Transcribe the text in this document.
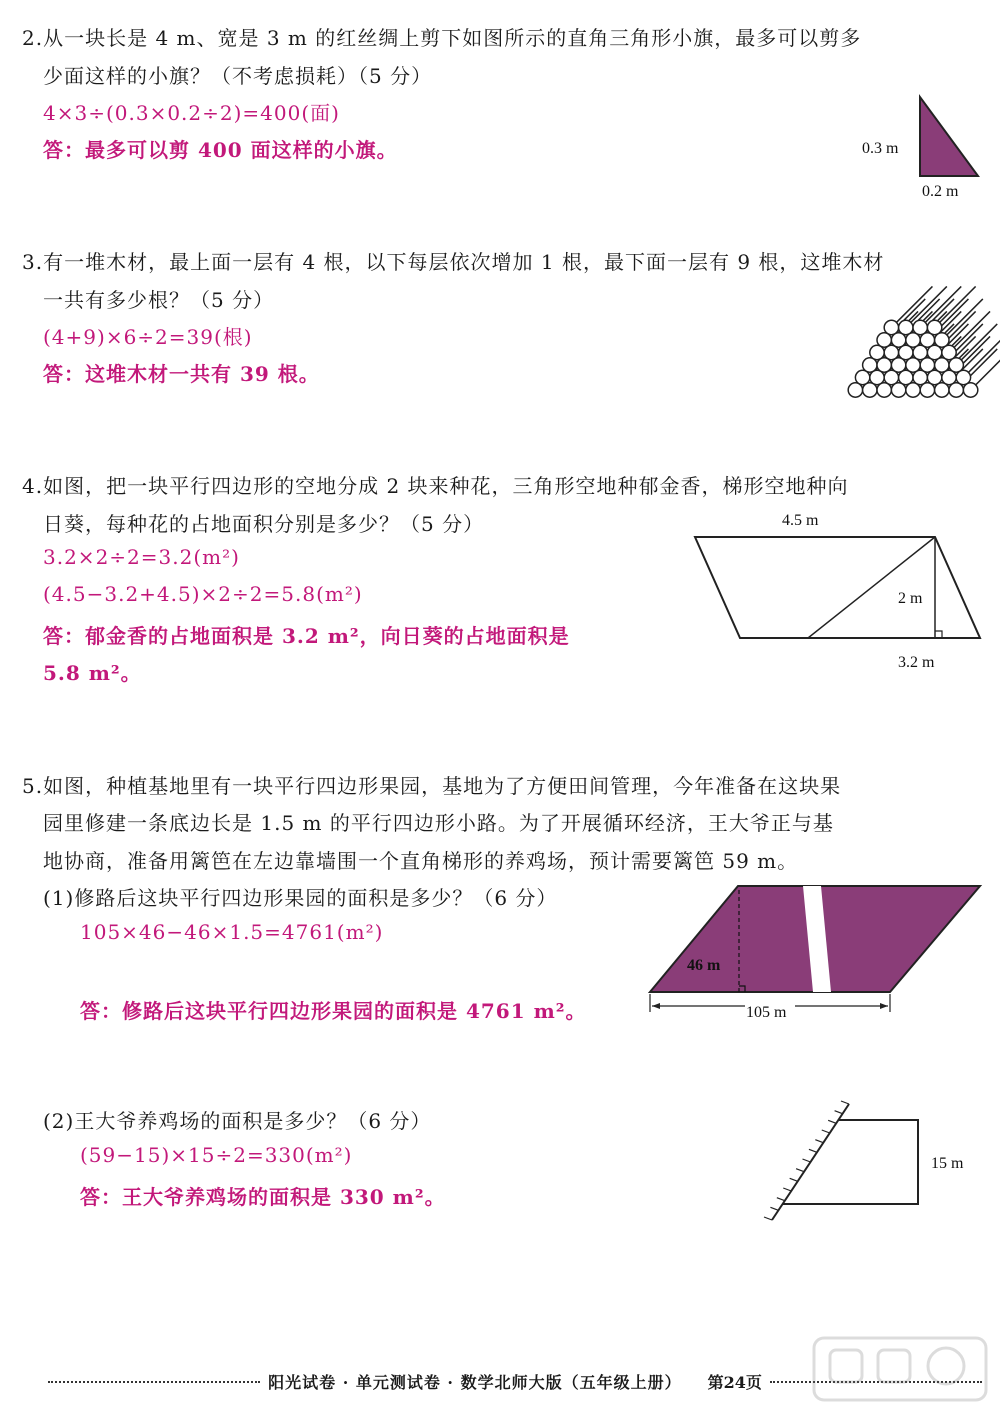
2.从一块长是 4 m、宽是 3 m 的红丝绸上剪下如图所示的直角三角形小旗，最多可以剪多
少面这样的小旗？（不考虑损耗）（5 分）
4×3÷(0.3×0.2÷2)=400(面)
答：最多可以剪 400 面这样的小旗。	0.3 m
0.2 m
3.有一堆木材，最上面一层有 4 根，以下每层依次增加 1 根，最下面一层有 9 根，这堆木材
一共有多少根？（5 分）
(4+9)×6÷2=39(根)
答：这堆木材一共有 39 根。
4.如图，把一块平行四边形的空地分成 2 块来种花，三角形空地种郁金香，梯形空地种向
日葵，每种花的占地面积分别是多少？（5 分）
3.2×2÷2=3.2(m²)
(4.5−3.2+4.5)×2÷2=5.8(m²)
答：郁金香的占地面积是 3.2 m²，向日葵的占地面积是
5.8 m²。
4.5 m
2 m
3.2 m
5.如图，种植基地里有一块平行四边形果园，基地为了方便田间管理，今年准备在这块果
园里修建一条底边长是 1.5 m 的平行四边形小路。为了开展循环经济，王大爷正与基
地协商，准备用篱笆在左边靠墙围一个直角梯形的养鸡场，预计需要篱笆 59 m。
(1)修路后这块平行四边形果园的面积是多少？（6 分）
105×46−46×1.5=4761(m²)
答：修路后这块平行四边形果园的面积是 4761 m²。
46 m
105 m
(2)王大爷养鸡场的面积是多少？（6 分）
(59−15)×15÷2=330(m²)
答：王大爷养鸡场的面积是 330 m²。
15 m
阳光试卷 · 单元测试卷 · 数学北师大版（五年级上册） 第24页
